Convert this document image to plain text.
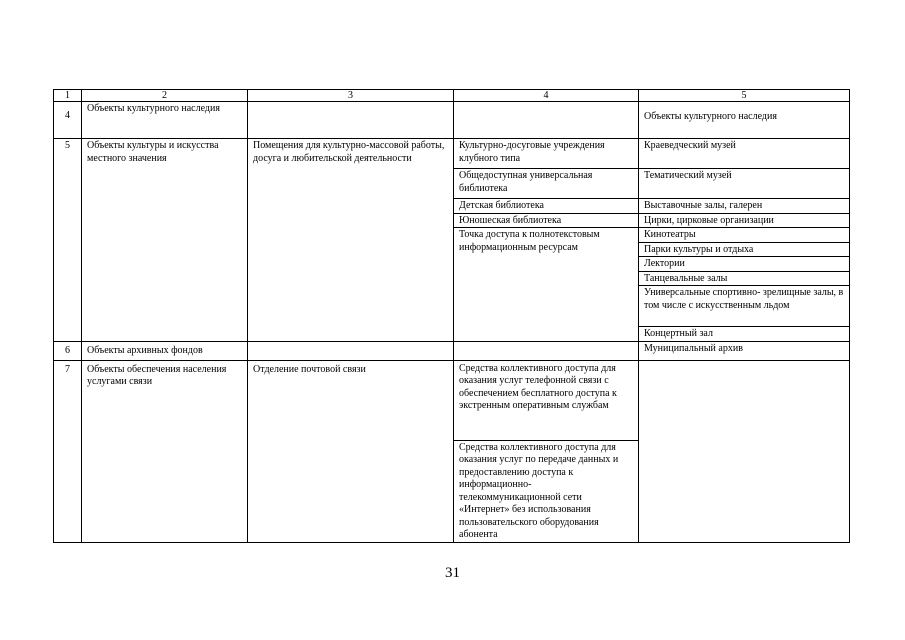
1	2	3	4	5
4	Объекты культурного наследия			Объекты культурного наследия
5	Объекты культуры и искусства местного значения	Помещения для культурно-массовой работы, досуга и любительской деятельности	Культурно-досуговые учреждения клубного типа	Краеведческий музей
			Общедоступная универсальная библиотека	Тематический музей
			Детская библиотека	Выставочные залы, галерен
			Юношеская библиотека	Цирки, цирковые организации
			Точка доступа к полнотекстовым информационным ресурсам	Кинотеатры
				Парки культуры и отдыха
				Лектории
				Танцевальные залы
				Универсальные спортивно- зрелищные залы, в том числе с искусственным льдом
				Концертный зал
6	Объекты архивных фондов			Муниципальный архив
7	Объекты обеспечения населения услугами связи	Отделение почтовой связи	Средства коллективного доступа для оказания услуг телефонной связи с обеспечением бесплатного доступа к экстренным оперативным службам	
			Средства коллективного доступа для оказания услуг по передаче данных и предоставлению доступа к информационно-телекоммуникационной сети «Интернет» без использования пользовательского оборудования абонента	
31
